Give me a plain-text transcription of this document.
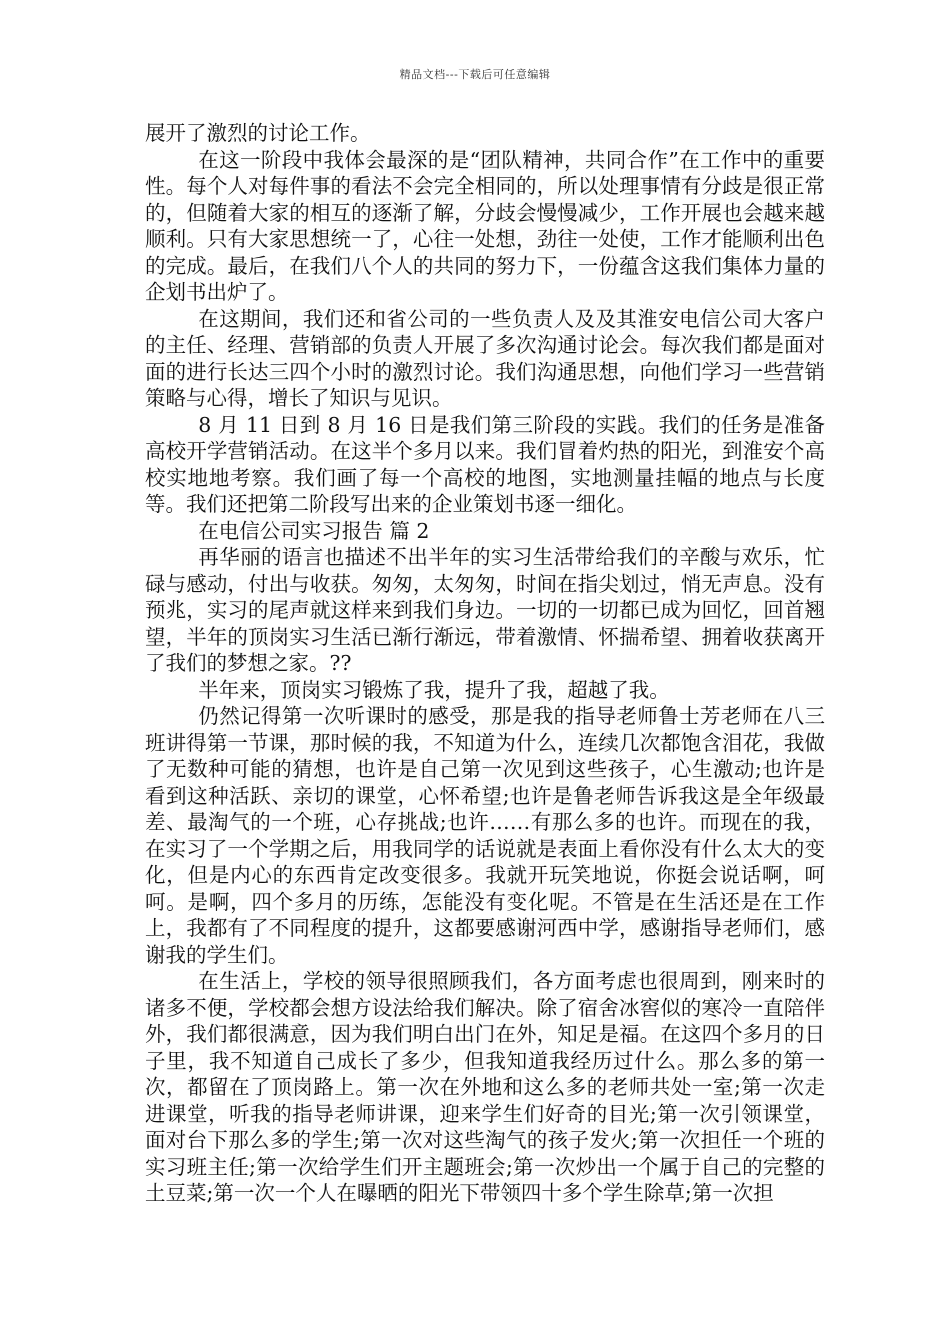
精品文档---下载后可任意编辑

展开了激烈的讨论工作。

在这一阶段中我体会最深的是“团队精神，共同合作”在工作中的重要性。每个人对每件事的看法不会完全相同的，所以处理事情有分歧是很正常的，但随着大家的相互的逐渐了解，分歧会慢慢减少，工作开展也会越来越顺利。只有大家思想统一了，心往一处想，劲往一处使，工作才能顺利出色的完成。最后，在我们八个人的共同的努力下，一份蕴含这我们集体力量的企划书出炉了。

在这期间，我们还和省公司的一些负责人及及其淮安电信公司大客户的主任、经理、营销部的负责人开展了多次沟通讨论会。每次我们都是面对面的进行长达三四个小时的激烈讨论。我们沟通思想，向他们学习一些营销策略与心得，增长了知识与见识。

8 月 11 日到 8 月 16 日是我们第三阶段的实践。我们的任务是准备高校开学营销活动。在这半个多月以来。我们冒着灼热的阳光，到淮安个高校实地地考察。我们画了每一个高校的地图，实地测量挂幅的地点与长度等。我们还把第二阶段写出来的企业策划书逐一细化。

在电信公司实习报告 篇 2

再华丽的语言也描述不出半年的实习生活带给我们的辛酸与欢乐，忙碌与感动，付出与收获。匆匆，太匆匆，时间在指尖划过，悄无声息。没有预兆，实习的尾声就这样来到我们身边。一切的一切都已成为回忆，回首翘望，半年的顶岗实习生活已渐行渐远，带着激情、怀揣希望、拥着收获离开了我们的梦想之家。??

半年来，顶岗实习锻炼了我，提升了我，超越了我。

仍然记得第一次听课时的感受，那是我的指导老师鲁士芳老师在八三班讲得第一节课，那时候的我，不知道为什么，连续几次都饱含泪花，我做了无数种可能的猜想，也许是自己第一次见到这些孩子，心生激动;也许是看到这种活跃、亲切的课堂，心怀希望;也许是鲁老师告诉我这是全年级最差、最淘气的一个班，心存挑战;也许……有那么多的也许。而现在的我，在实习了一个学期之后，用我同学的话说就是表面上看你没有什么太大的变化，但是内心的东西肯定改变很多。我就开玩笑地说，你挺会说话啊，呵呵。是啊，四个多月的历练，怎能没有变化呢。不管是在生活还是在工作上，我都有了不同程度的提升，这都要感谢河西中学，感谢指导老师们，感谢我的学生们。

在生活上，学校的领导很照顾我们，各方面考虑也很周到，刚来时的诸多不便，学校都会想方设法给我们解决。除了宿舍冰窖似的寒冷一直陪伴外，我们都很满意，因为我们明白出门在外，知足是福。在这四个多月的日子里，我不知道自己成长了多少，但我知道我经历过什么。那么多的第一次，都留在了顶岗路上。第一次在外地和这么多的老师共处一室;第一次走进课堂，听我的指导老师讲课，迎来学生们好奇的目光;第一次引领课堂，面对台下那么多的学生;第一次对这些淘气的孩子发火;第一次担任一个班的实习班主任;第一次给学生们开主题班会;第一次炒出一个属于自己的完整的土豆菜;第一次一个人在曝晒的阳光下带领四十多个学生除草;第一次担
